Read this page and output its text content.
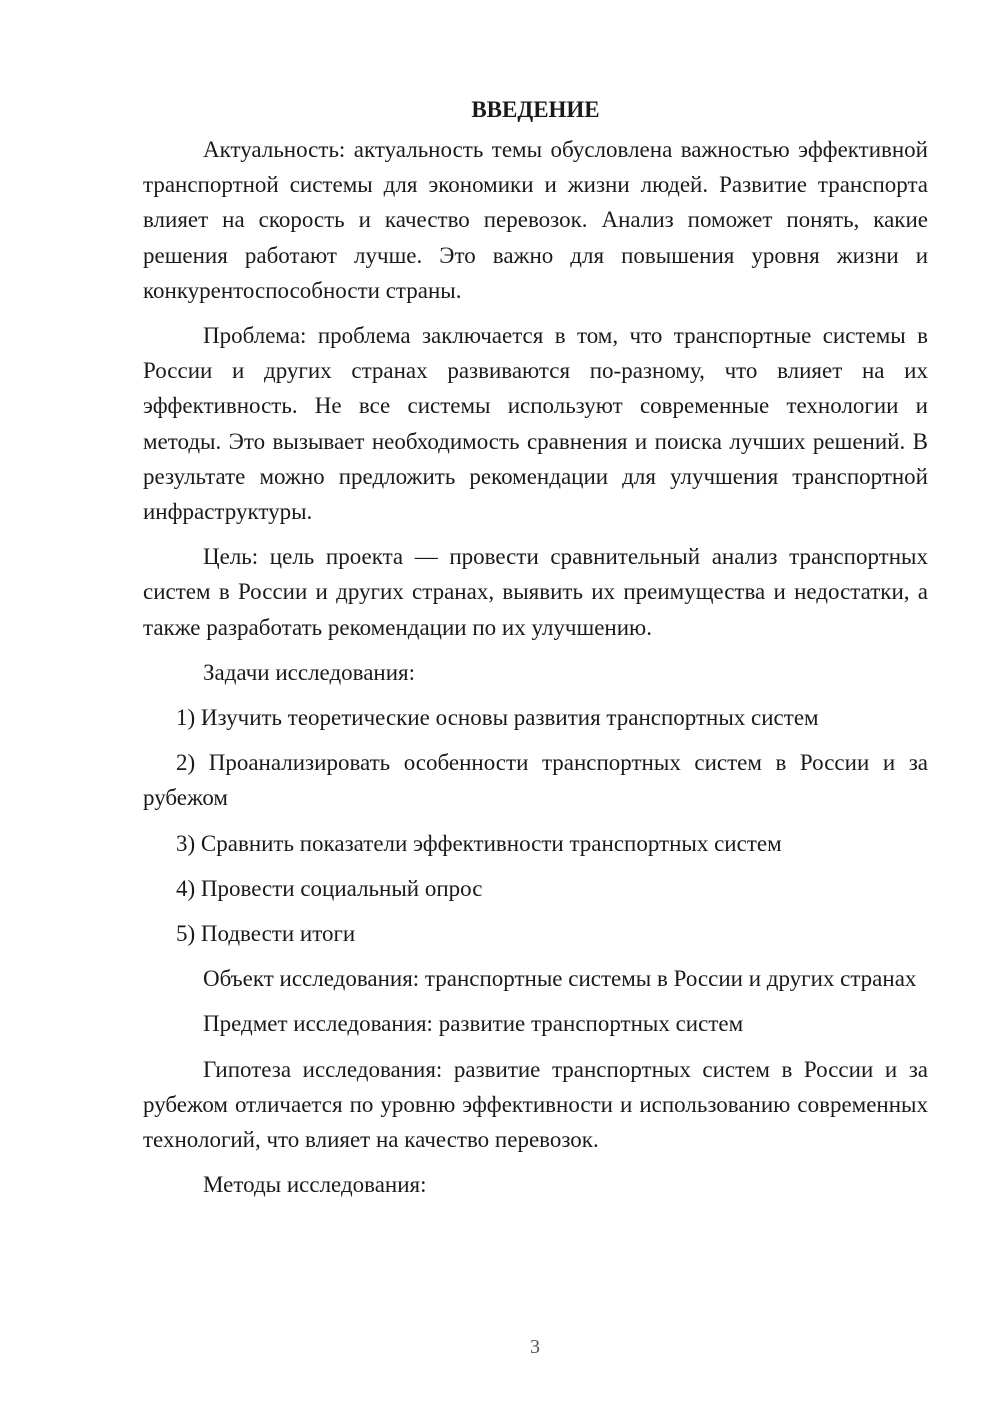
ВВЕДЕНИЕ

Актуальность: актуальность темы обусловлена важностью эффективной транспортной системы для экономики и жизни людей. Развитие транспорта влияет на скорость и качество перевозок. Анализ поможет понять, какие решения работают лучше. Это важно для повышения уровня жизни и конкурентоспособности страны.

Проблема: проблема заключается в том, что транспортные системы в России и других странах развиваются по-разному, что влияет на их эффективность. Не все системы используют современные технологии и методы. Это вызывает необходимость сравнения и поиска лучших решений. В результате можно предложить рекомендации для улучшения транспортной инфраструктуры.

Цель: цель проекта — провести сравнительный анализ транспортных систем в России и других странах, выявить их преимущества и недостатки, а также разработать рекомендации по их улучшению.

Задачи исследования:

1) Изучить теоретические основы развития транспортных систем

2) Проанализировать особенности транспортных систем в России и за рубежом

3) Сравнить показатели эффективности транспортных систем

4) Провести социальный опрос

5) Подвести итоги

Объект исследования: транспортные системы в России и других странах

Предмет исследования: развитие транспортных систем

Гипотеза исследования: развитие транспортных систем в России и за рубежом отличается по уровню эффективности и использованию современных технологий, что влияет на качество перевозок.

Методы исследования:

3
